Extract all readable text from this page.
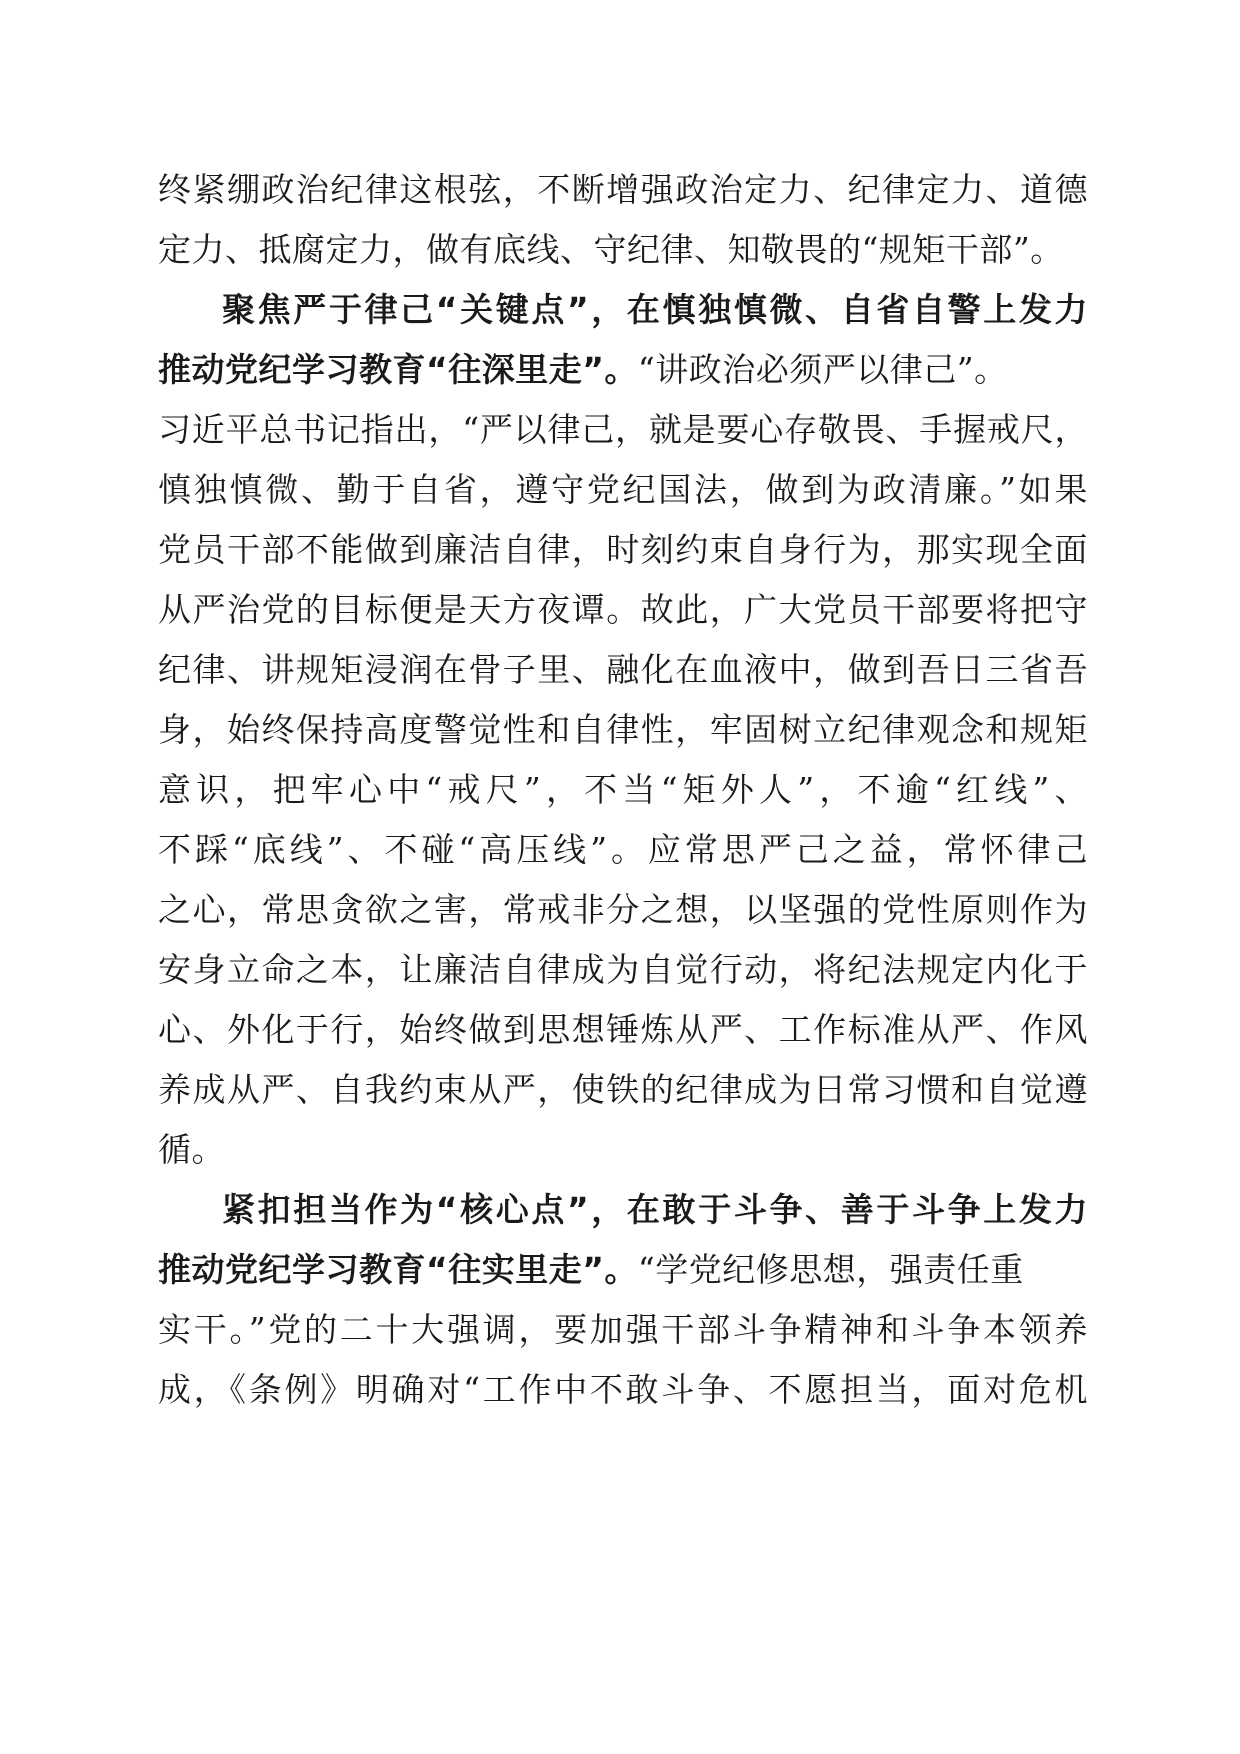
终紧绷政治纪律这根弦，不断增强政治定力、纪律定力、道德
定力、抵腐定力，做有底线、守纪律、知敬畏的“规矩干部”。
聚焦严于律己“关键点”，在慎独慎微、自省自警上发力
推动党纪学习教育“往深里走”。“讲政治必须严以律己”。
习近平总书记指出，“严以律己，就是要心存敬畏、手握戒尺，
慎独慎微、勤于自省，遵守党纪国法，做到为政清廉。”如果
党员干部不能做到廉洁自律，时刻约束自身行为，那实现全面
从严治党的目标便是天方夜谭。故此，广大党员干部要将把守
纪律、讲规矩浸润在骨子里、融化在血液中，做到吾日三省吾
身，始终保持高度警觉性和自律性，牢固树立纪律观念和规矩
意识，把牢心中“戒尺”，不当“矩外人”，不逾“红线”、
不踩“底线”、不碰“高压线”。应常思严己之益，常怀律己
之心，常思贪欲之害，常戒非分之想，以坚强的党性原则作为
安身立命之本，让廉洁自律成为自觉行动，将纪法规定内化于
心、外化于行，始终做到思想锤炼从严、工作标准从严、作风
养成从严、自我约束从严，使铁的纪律成为日常习惯和自觉遵
循。
紧扣担当作为“核心点”，在敢于斗争、善于斗争上发力
推动党纪学习教育“往实里走”。“学党纪修思想，强责任重
实干。”党的二十大强调，要加强干部斗争精神和斗争本领养
成，《条例》明确对“工作中不敢斗争、不愿担当，面对危机
